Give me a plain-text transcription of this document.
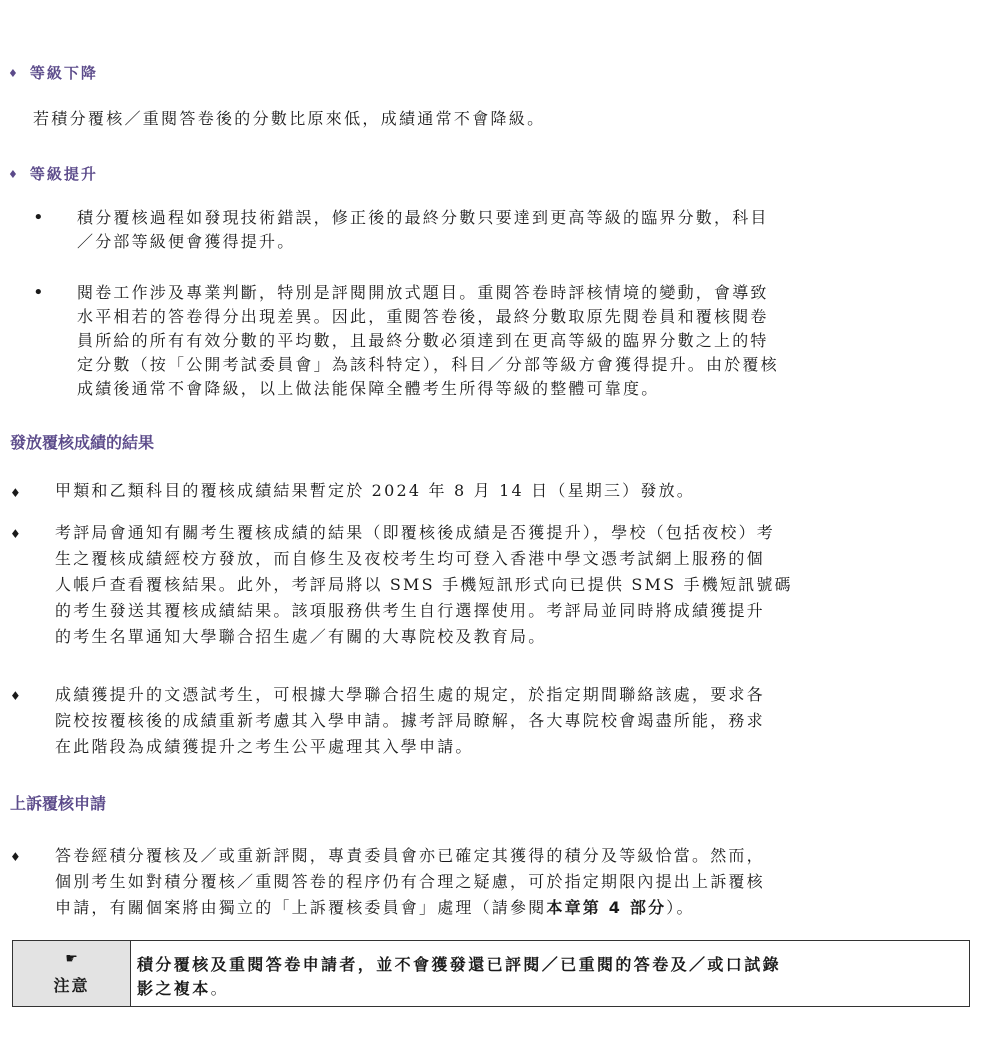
♦ 等級下降
若積分覆核／重閱答卷後的分數比原來低，成績通常不會降級。
♦ 等級提升
• 積分覆核過程如發現技術錯誤，修正後的最終分數只要達到更高等級的臨界分數，科目
／分部等級便會獲得提升。
• 閱卷工作涉及專業判斷，特別是評閱開放式題目。重閱答卷時評核情境的變動，會導致
水平相若的答卷得分出現差異。因此，重閱答卷後，最終分數取原先閱卷員和覆核閱卷
員所給的所有有效分數的平均數，且最終分數必須達到在更高等級的臨界分數之上的特
定分數（按「公開考試委員會」為該科特定），科目／分部等級方會獲得提升。由於覆核
成績後通常不會降級，以上做法能保障全體考生所得等級的整體可靠度。
發放覆核成績的結果
♦ 甲類和乙類科目的覆核成績結果暫定於 2024 年 8 月 14 日（星期三）發放。
♦ 考評局會通知有關考生覆核成績的結果（即覆核後成績是否獲提升），學校（包括夜校）考
生之覆核成績經校方發放，而自修生及夜校考生均可登入香港中學文憑考試網上服務的個
人帳戶查看覆核結果。此外，考評局將以 SMS 手機短訊形式向已提供 SMS 手機短訊號碼
的考生發送其覆核成績結果。該項服務供考生自行選擇使用。考評局並同時將成績獲提升
的考生名單通知大學聯合招生處／有關的大專院校及教育局。
♦ 成績獲提升的文憑試考生，可根據大學聯合招生處的規定，於指定期間聯絡該處，要求各
院校按覆核後的成績重新考慮其入學申請。據考評局瞭解，各大專院校會竭盡所能，務求
在此階段為成績獲提升之考生公平處理其入學申請。
上訴覆核申請
♦ 答卷經積分覆核及／或重新評閱，專責委員會亦已確定其獲得的積分及等級恰當。然而，
個別考生如對積分覆核／重閱答卷的程序仍有合理之疑慮，可於指定期限內提出上訴覆核
申請，有關個案將由獨立的「上訴覆核委員會」處理（請參閱本章第 4 部分）。
☛
注意
積分覆核及重閱答卷申請者，並不會獲發還已評閱／已重閱的答卷及／或口試錄
影之複本。
